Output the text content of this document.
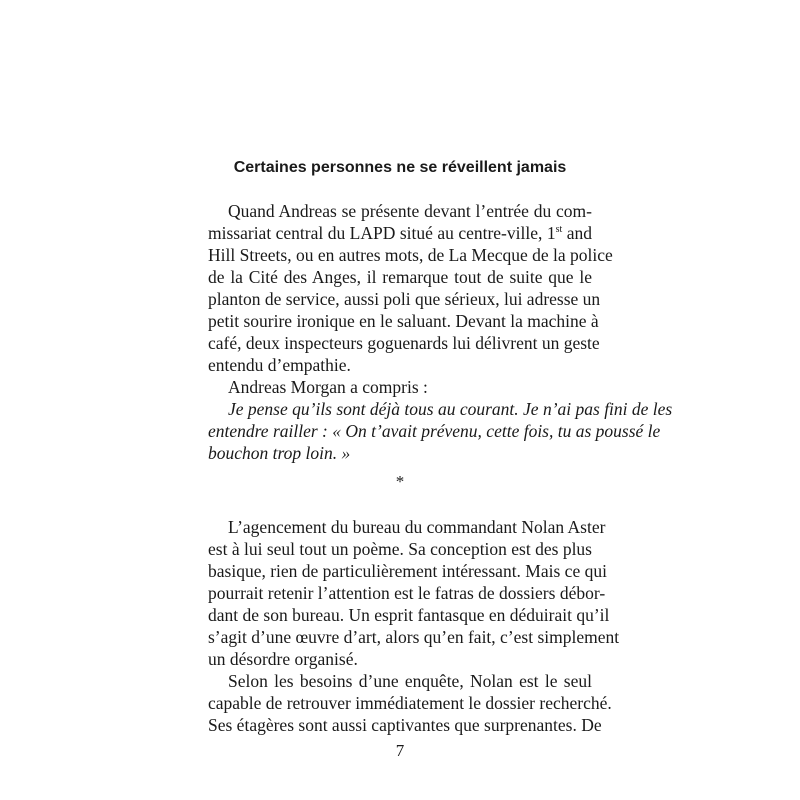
Certaines personnes ne se réveillent jamais

Quand Andreas se présente devant l’entrée du com-

missariat central du LAPD situé au centre-ville, 1st and

Hill Streets, ou en autres mots, de La Mecque de la police

de la Cité des Anges, il remarque tout de suite que le

planton de service, aussi poli que sérieux, lui adresse un

petit sourire ironique en le saluant. Devant la machine à

café, deux inspecteurs goguenards lui délivrent un geste

entendu d’empathie.

Andreas Morgan a compris :

Je pense qu’ils sont déjà tous au courant. Je n’ai pas fini de les

entendre railler : « On t’avait prévenu, cette fois, tu as poussé le

bouchon trop loin. »

*

L’agencement du bureau du commandant Nolan Aster

est à lui seul tout un poème. Sa conception est des plus

basique, rien de particulièrement intéressant. Mais ce qui

pourrait retenir l’attention est le fatras de dossiers débor-

dant de son bureau. Un esprit fantasque en déduirait qu’il

s’agit d’une œuvre d’art, alors qu’en fait, c’est simplement

un désordre organisé.

Selon les besoins d’une enquête, Nolan est le seul

capable de retrouver immédiatement le dossier recherché.

Ses étagères sont aussi captivantes que surprenantes. De

7
